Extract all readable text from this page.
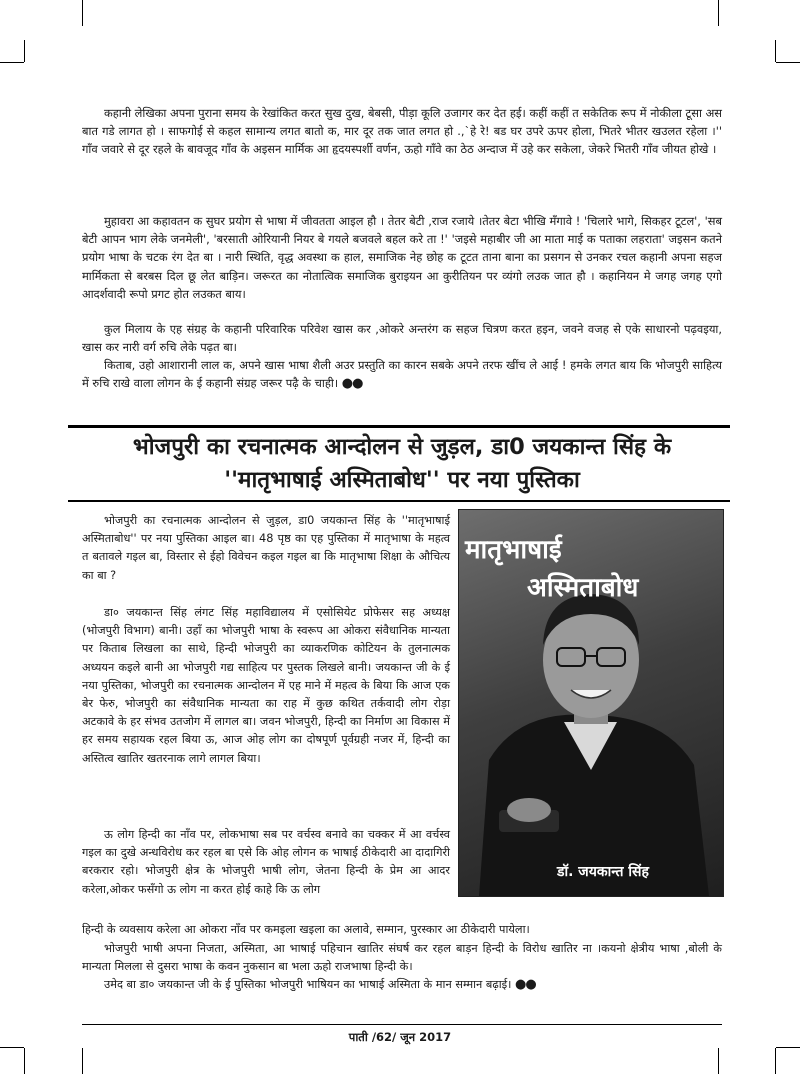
कहानी लेखिका अपना पुराना समय के रेखांकित करत सुख दुख, बेबसी, पीड़ा कूलि उजागर कर देत हई। कहीं कहीं त सकेतिक रूप में नोकीला टूसा अस बात गडे लागत हो । साफगोई से कहल सामान्य लगत बातो क, मार दूर तक जात लगत हो .,`हे रे! बड घर उपरे ऊपर होला, भितरे भीतर खउलत रहेला ।'' गाँव जवारे से दूर रहले के बावजूद गाँव के अइसन मार्मिक आ हृदयस्पर्शी वर्णन, ऊहो गाँवे का ठेठ अन्दाज में उहे कर सकेला, जेकरे भितरी गाँव जीयत होखे ।

मुहावरा आ कहावतन क सुघर प्रयोग से भाषा में जीवतता आइल हौ । तेतर बेटी ,राज रजाये ।तेतर बेटा भीखि मँगावे ! 'चिलारे भागे, सिकहर टूटल', 'सब बेटी आपन भाग लेके जनमेली', 'बरसाती ओरियानी नियर बे गयले बजवले बहल करे ता !' 'जइसे महाबीर जी आ माता माई क पताका लहराता' जइसन कतने प्रयोग भाषा के चटक रंग देत बा । नारी स्थिति, वृद्ध अवस्था क हाल, समाजिक नेह छोह क टूटत ताना बाना का प्रसगन से उनकर रचल कहानी अपना सहज मार्मिकता से बरबस दिल छू लेत बाड़िन। जरूरत का नोतात्विक समाजिक बुराइयन आ कुरीतियन पर व्यंगो लउक जात हौ । कहानियन मे जगह जगह एगो आदर्शवादी रूपो प्रगट होत लउकत बाय।

कुल मिलाय के एह संग्रह के कहानी परिवारिक परिवेश खास कर ,ओकरे अन्तरंग क सहज चित्रण करत हइन, जवने वजह से एके साधारनो पढ़वइया, खास कर नारी वर्ग रुचि लेके पढ़त बा।

किताब, उहो आशारानी लाल क, अपने खास भाषा शैली अउर प्रस्तुति का कारन सबके अपने तरफ खींच ले आई ! हमके लगत बाय कि भोजपुरी साहित्य में रुचि राखे वाला लोगन के ई कहानी संग्रह जरूर पढ़ै के चाही। ●●

भोजपुरी का रचनात्मक आन्दोलन से जुड़ल, डा0 जयकान्त सिंह के
''मातृभाषाई अस्मिताबोध'' पर नया पुस्तिका

भोजपुरी का रचनात्मक आन्दोलन से जुड़ल, डा0 जयकान्त सिंह के ''मातृभाषाई अस्मिताबोध'' पर नया पुस्तिका आइल बा। 48 पृष्ठ का एह पुस्तिका में मातृभाषा के महत्व त बतावले गइल बा, विस्तार से ईहो विवेचन कइल गइल बा कि मातृभाषा शिक्षा के औचित्य का बा ?

डा० जयकान्त सिंह लंगट सिंह महाविद्यालय में एसोसियेट प्रोफेसर सह अध्यक्ष (भोजपुरी विभाग) बानी। उहाँ का भोजपुरी भाषा के स्वरूप आ ओकरा संवैधानिक मान्यता पर किताब लिखला का साथे, हिन्दी भोजपुरी का व्याकरणिक कोटियन के तुलनात्मक अध्ययन कइले बानी आ भोजपुरी गद्य साहित्य पर पुस्तक लिखले बानी। जयकान्त जी के ई नया पुस्तिका, भोजपुरी का रचनात्मक आन्दोलन में एह माने में महत्व के बिया कि आज एक बेर फेरु, भोजपुरी का संवैधानिक मान्यता का राह में कुछ कथित तर्कवादी लोग रोड़ा अटकावे के हर संभव उतजोग में लागल बा। जवन भोजपुरी, हिन्दी का निर्माण आ विकास में हर समय सहायक रहल बिया ऊ, आज ओह लोग का दोषपूर्ण पूर्वग्रही नजर में, हिन्दी का अस्तित्व खातिर खतरनाक लागे लागल बिया।

ऊ लोग हिन्दी का नाँव पर, लोकभाषा सब पर वर्चस्व बनावे का चक्कर में आ वर्चस्व गइल का दुखे अन्धविरोध कर रहल बा एसे कि ओह लोगन क भाषाई ठीकेदारी आ दादागिरी बरकरार रहो। भोजपुरी क्षेत्र के भोजपुरी भाषी लोग, जेतना हिन्दी के प्रेम आ आदर करेला,ओकर फसँगो ऊ लोग ना करत होई काहे कि ऊ लोग

मातृभाषाई
अस्मिताबोध
डॉ. जयकान्त सिंह

हिन्दी के व्यवसाय करेला आ ओकरा नाँव पर कमइला खइला का अलावे, सम्मान, पुरस्कार आ ठीकेदारी पायेला।

भोजपुरी भाषी अपना निजता, अस्मिता, आ भाषाई पहिचान खातिर संघर्ष कर रहल बाड़न हिन्दी के विरोध खातिर ना ।कयनो क्षेत्रीय भाषा ,बोली के मान्यता मिलला से दुसरा भाषा के कवन नुकसान बा भला ऊहो राजभाषा हिन्दी के।

उमेद बा डा० जयकान्त जी के ई पुस्तिका भोजपुरी भाषियन का भाषाई अस्मिता के मान सम्मान बढ़ाई। ●●

पाती /62/ जून 2017
